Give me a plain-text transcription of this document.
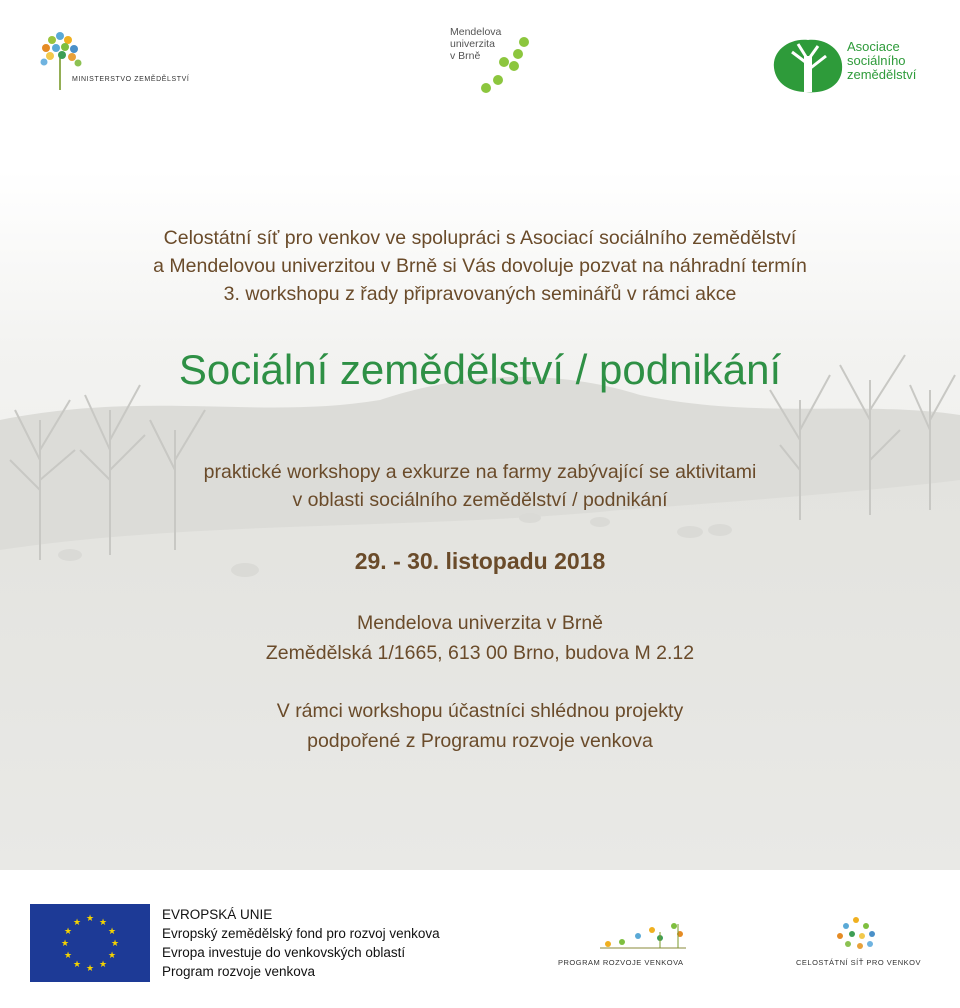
MINISTERSTVO ZEMĚDĚLSTVÍ
Mendelova
univerzita
v Brně
Asociace
sociálního
zemědělství
Celostátní síť pro venkov ve spolupráci s Asociací sociálního zemědělství
a Mendelovou univerzitou v Brně si Vás dovoluje pozvat na náhradní termín
3. workshopu z řady připravovaných seminářů v rámci akce
Sociální zemědělství / podnikání
praktické workshopy a exkurze na farmy zabývající se aktivitami
v oblasti sociálního zemědělství / podnikání
29. - 30. listopadu 2018
Mendelova univerzita v Brně
Zemědělská 1/1665, 613 00 Brno, budova M 2.12
V rámci workshopu účastníci shlédnou projekty
podpořené z Programu rozvoje venkova
★ ★
★
★
★
★
★
★
★
★
★
★
EVROPSKÁ UNIE
Evropský zemědělský fond pro rozvoj venkova
Evropa investuje do venkovských oblastí
Program rozvoje venkova
PROGRAM ROZVOJE VENKOVA	CELOSTÁTNÍ SÍŤ PRO VENKOV
